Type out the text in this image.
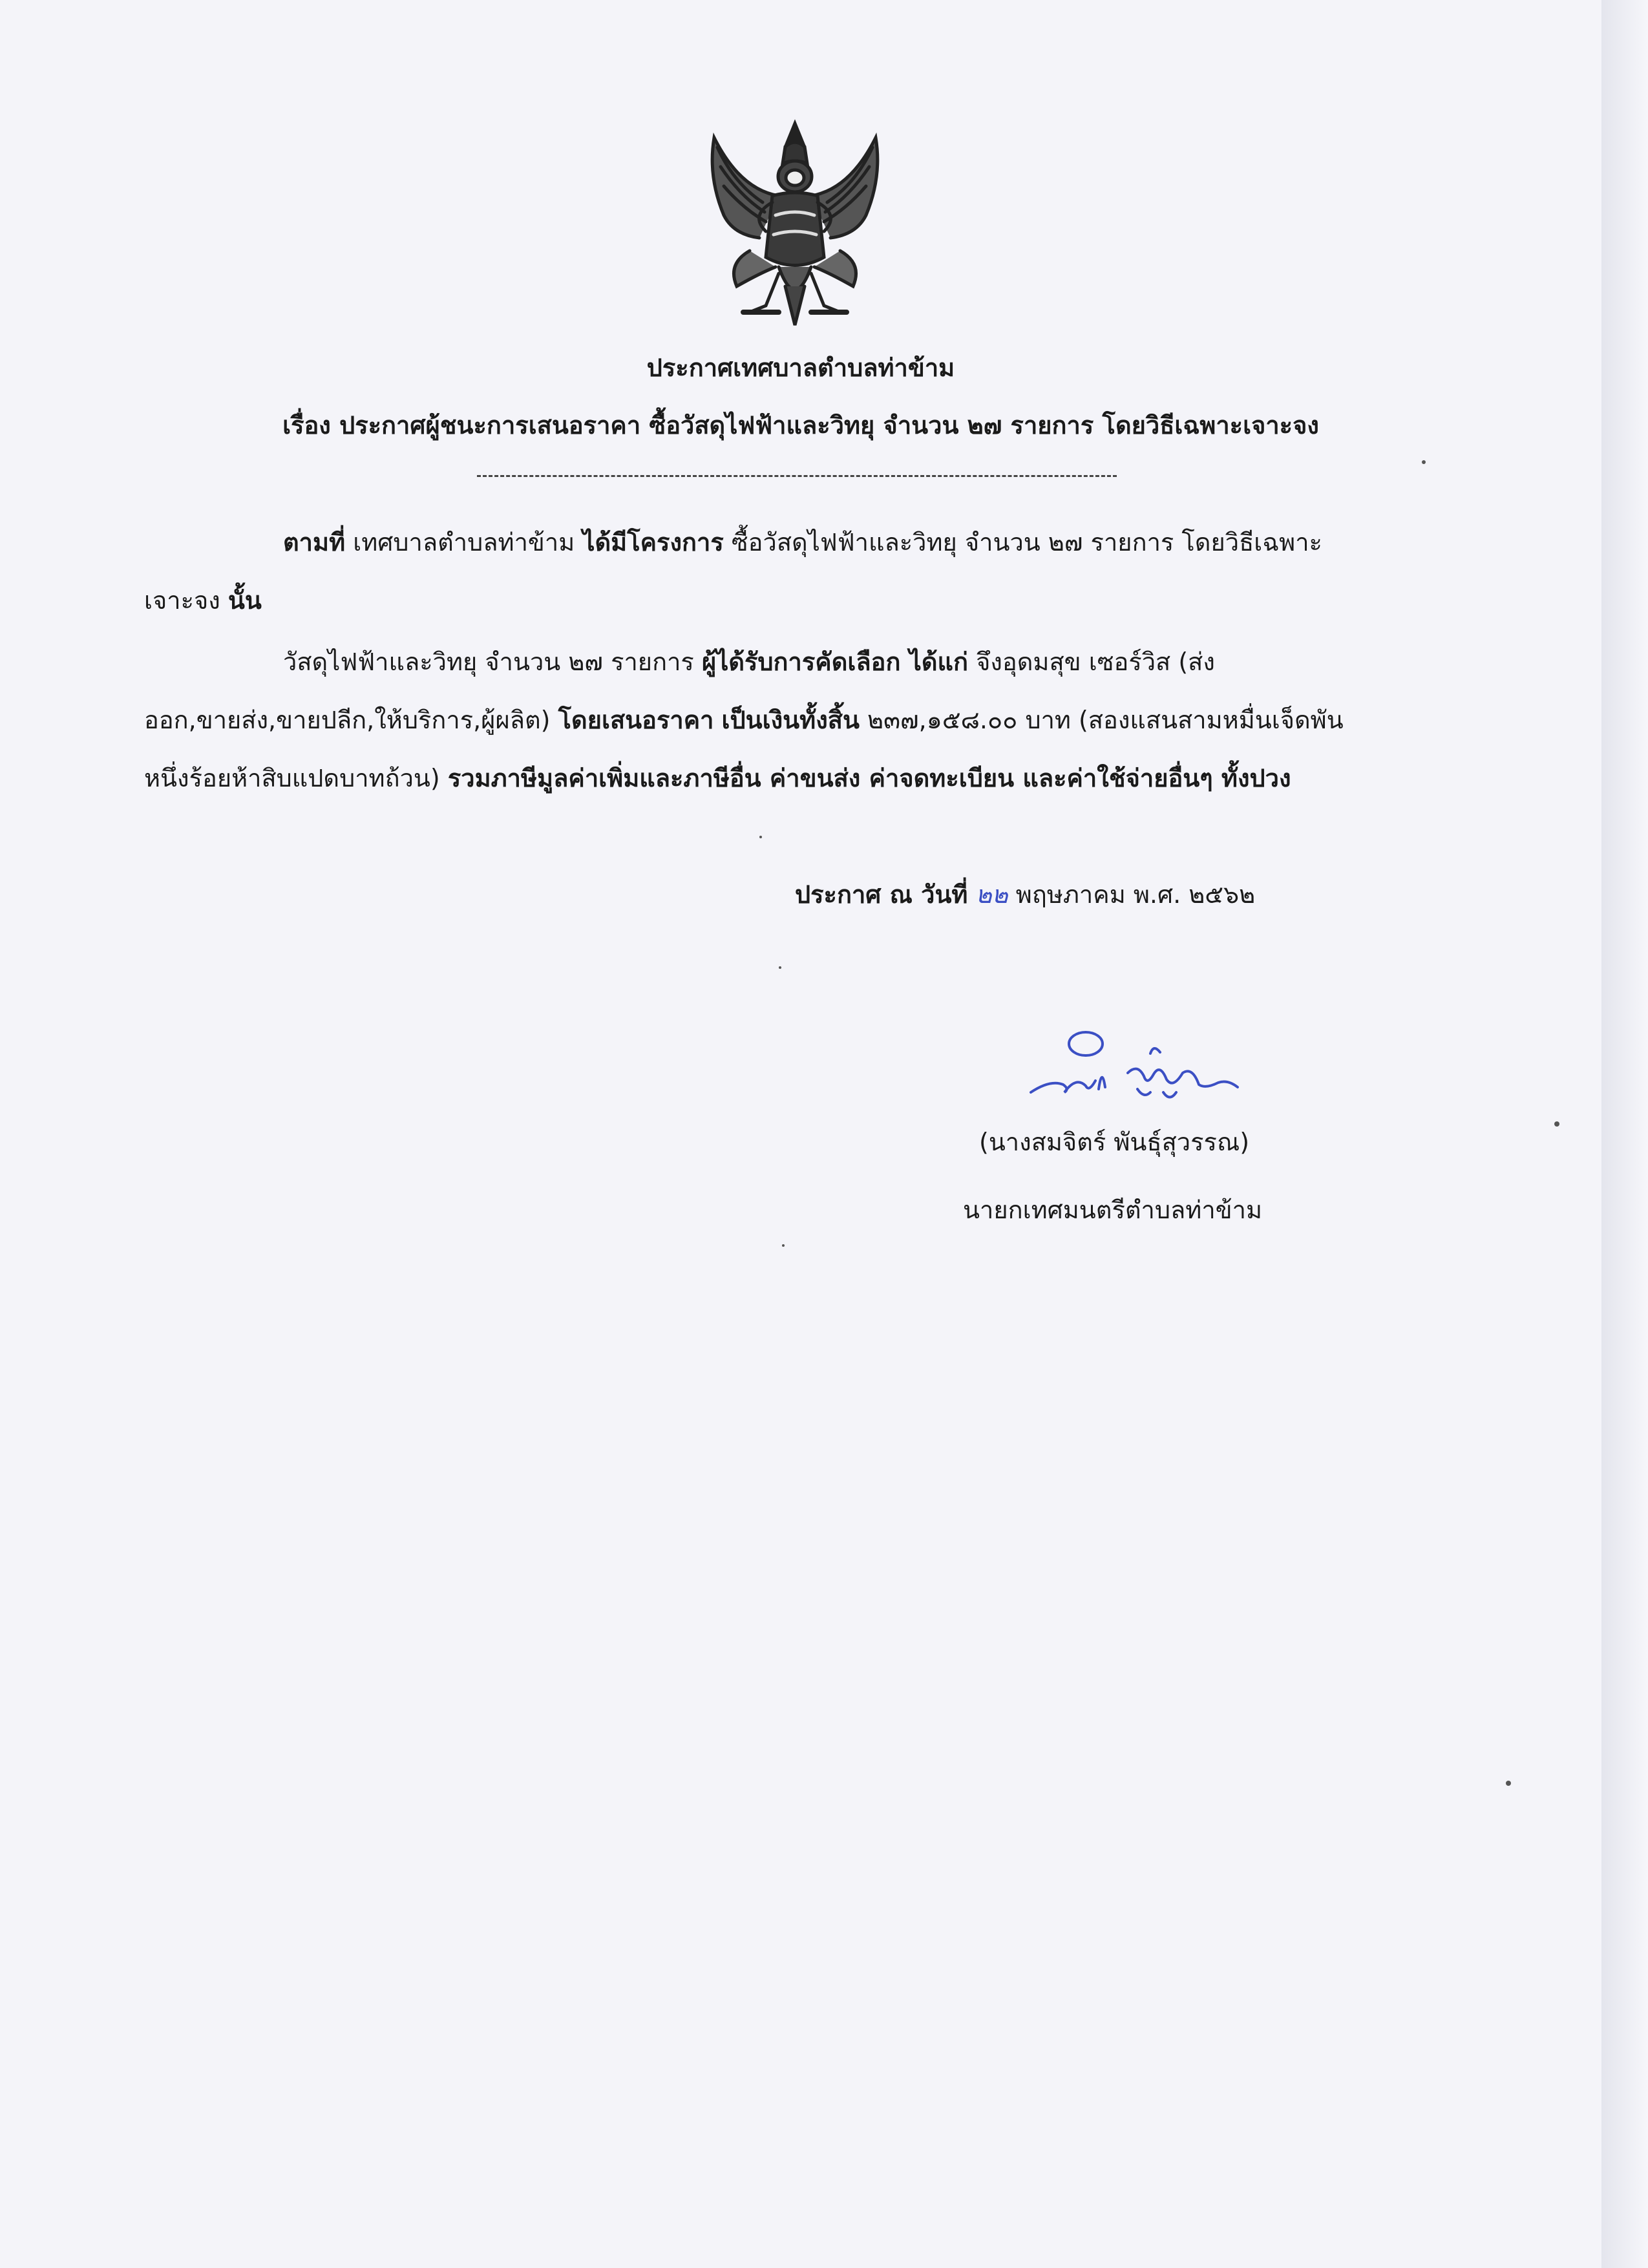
ประกาศเทศบาลตำบลท่าข้าม
เรื่อง ประกาศผู้ชนะการเสนอราคา ซื้อวัสดุไฟฟ้าและวิทยุ จำนวน ๒๗ รายการ โดยวิธีเฉพาะเจาะจง
ตามที่ เทศบาลตำบลท่าข้าม ได้มีโครงการ ซื้อวัสดุไฟฟ้าและวิทยุ จำนวน ๒๗ รายการ โดยวิธีเฉพาะ
เจาะจง นั้น
วัสดุไฟฟ้าและวิทยุ จำนวน ๒๗ รายการ ผู้ได้รับการคัดเลือก ได้แก่ จึงอุดมสุข เซอร์วิส (ส่ง
ออก,ขายส่ง,ขายปลีก,ให้บริการ,ผู้ผลิต) โดยเสนอราคา เป็นเงินทั้งสิ้น ๒๓๗,๑๕๘.๐๐ บาท (สองแสนสามหมื่นเจ็ดพัน
หนึ่งร้อยห้าสิบแปดบาทถ้วน) รวมภาษีมูลค่าเพิ่มและภาษีอื่น ค่าขนส่ง ค่าจดทะเบียน และค่าใช้จ่ายอื่นๆ ทั้งปวง
ประกาศ ณ วันที่ ๒๒ พฤษภาคม พ.ศ. ๒๕๖๒
(นางสมจิตร์ พันธุ์สุวรรณ)
นายกเทศมนตรีตำบลท่าข้าม
